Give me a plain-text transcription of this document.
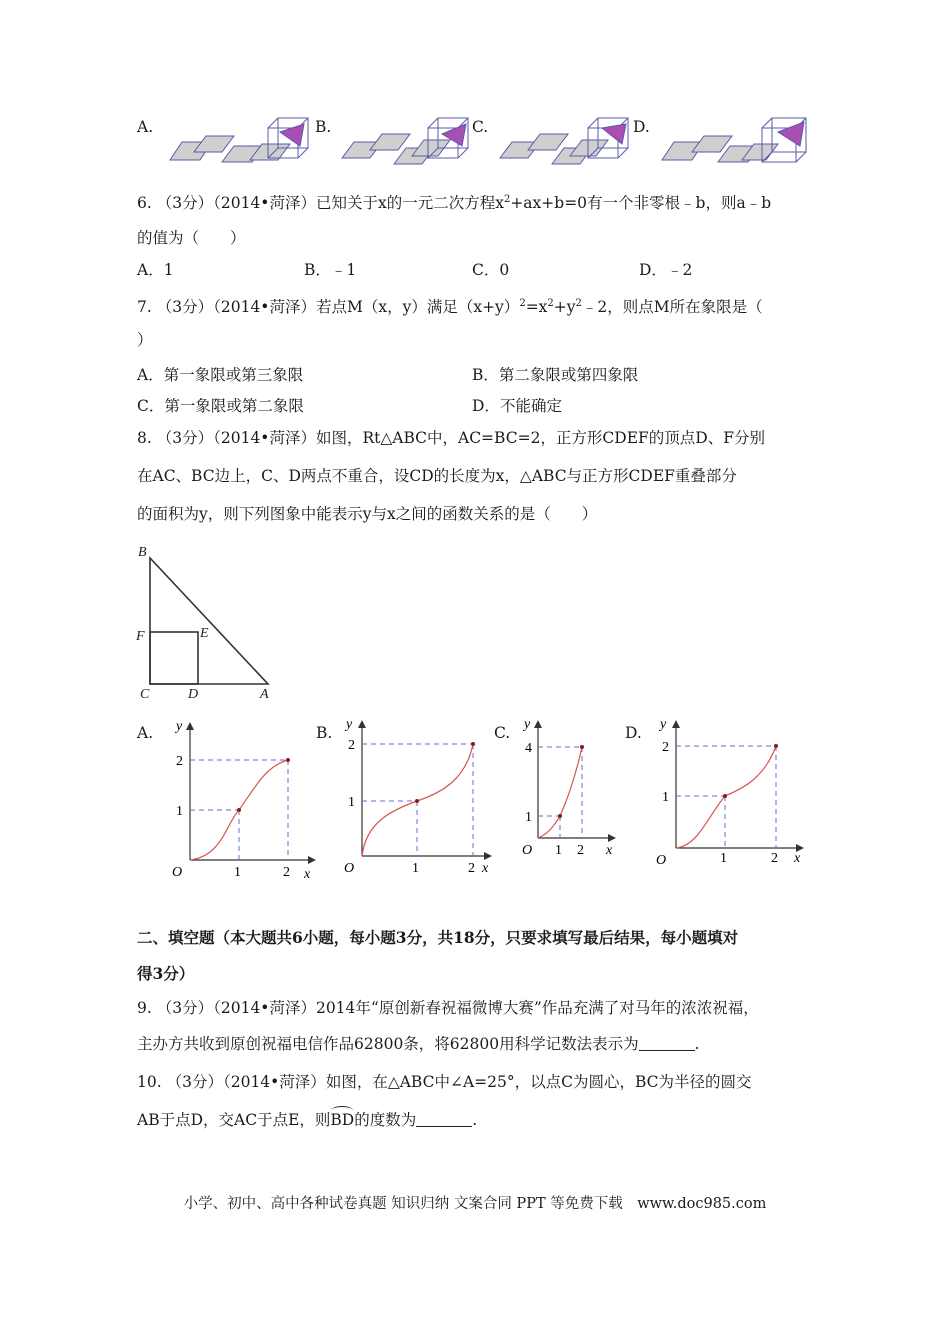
A.	B.	C.	D.
6. （3分）（2014•菏泽）已知关于x的一元二次方程$x^2+ax+b=0$有一个非零根﹣b，则a﹣b
的值为（　　）
A．1	B．﹣1	C．0	D．﹣2
7. （3分）（2014•菏泽）若点M（x，y）满足$(x+y)^2=x^2+y^2﹣2$，则点M所在象限是（
）
A．第一象限或第三象限	B．第二象限或第四象限
C．第一象限或第二象限	D．不能确定
8. （3分）（2014•菏泽）如图，Rt△ABC中，AC=BC=2，正方形CDEF的顶点D、F分别
在AC、BC边上，C、D两点不重合，设CD的长度为x，△ABC与正方形CDEF重叠部分
的面积为y，则下列图象中能表示y与x之间的函数关系的是（　　）
B
F	E
C	D	A
A.	B.	C.	D.
y
x
O	1	2
1
2
y
x
O	1	2
1
2
y
x
O 1 2
1
4
y
x
O	1	2
1
2
二、填空题（本大题共6小题，每小题3分，共18分，只要求填写最后结果，每小题填对
得3分）
9. （3分）（2014•菏泽）2014年“原创新春祝福微博大赛”作品充满了对马年的浓浓祝福，
主办方共收到原创祝福电信作品62800条，将62800用科学记数法表示为	.
10. （3分）（2014•菏泽）如图，在△ABC中∠A=25°，以点C为圆心，BC为半径的圆交
AB于点D，交AC于点E，则BD的度数为	.
小学、初中、高中各种试卷真题 知识归纳 文案合同 PPT 等免费下载　www.doc985.com
